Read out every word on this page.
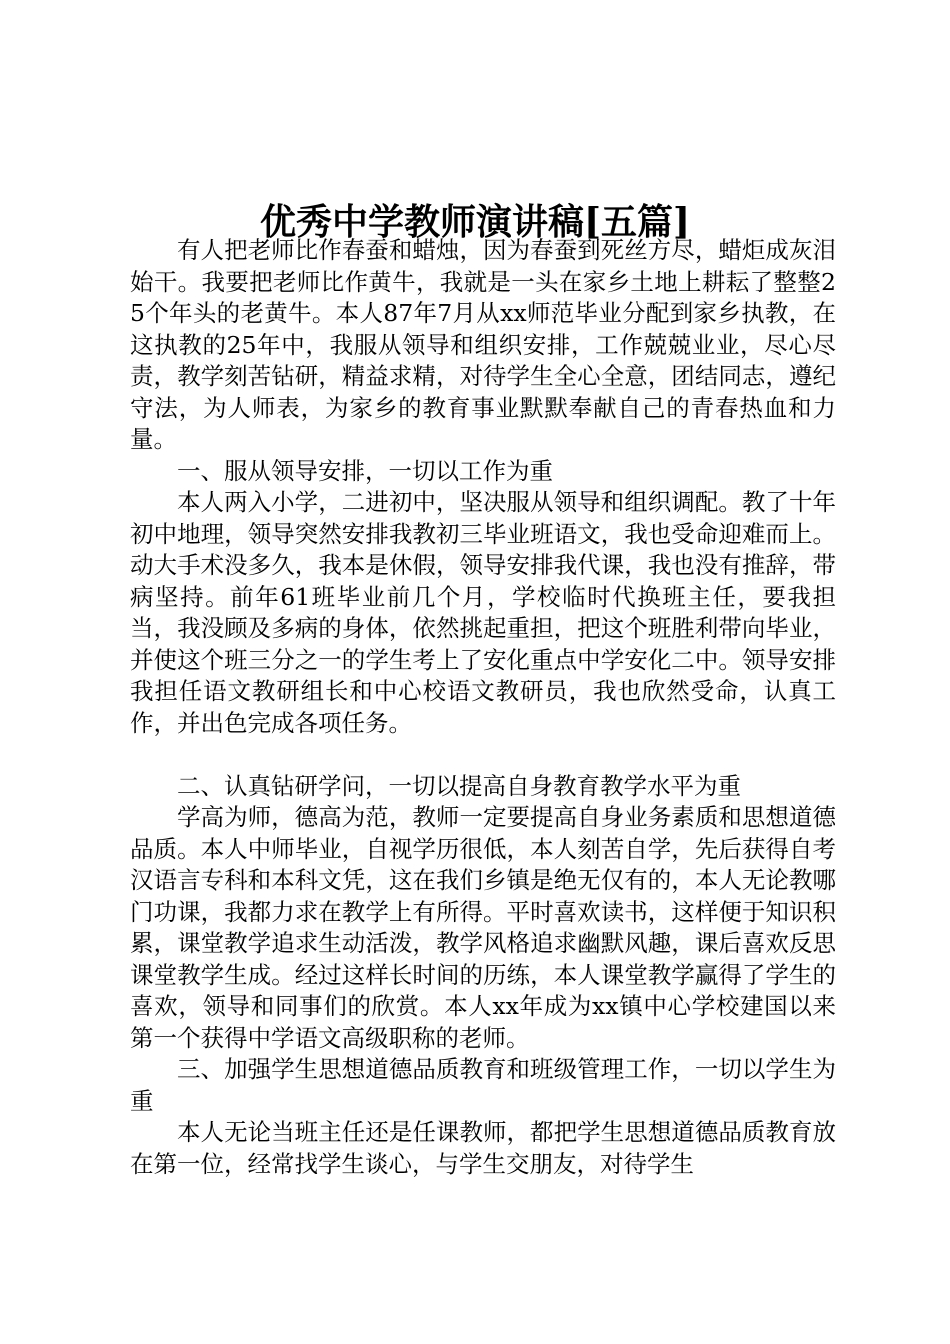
优秀中学教师演讲稿[五篇]

有人把老师比作春蚕和蜡烛，因为春蚕到死丝方尽，蜡炬成灰泪始干。我要把老师比作黄牛，我就是一头在家乡土地上耕耘了整整25个年头的老黄牛。本人87年7月从xx师范毕业分配到家乡执教，在这执教的25年中，我服从领导和组织安排，工作兢兢业业，尽心尽责，教学刻苦钻研，精益求精，对待学生全心全意，团结同志，遵纪守法，为人师表，为家乡的教育事业默默奉献自己的青春热血和力量。

一、服从领导安排，一切以工作为重

本人两入小学，二进初中，坚决服从领导和组织调配。教了十年初中地理，领导突然安排我教初三毕业班语文，我也受命迎难而上。动大手术没多久，我本是休假，领导安排我代课，我也没有推辞，带病坚持。前年61班毕业前几个月，学校临时代换班主任，要我担当，我没顾及多病的身体，依然挑起重担，把这个班胜利带向毕业，并使这个班三分之一的学生考上了安化重点中学安化二中。领导安排我担任语文教研组长和中心校语文教研员，我也欣然受命，认真工作，并出色完成各项任务。

二、认真钻研学问，一切以提高自身教育教学水平为重

学高为师，德高为范，教师一定要提高自身业务素质和思想道德品质。本人中师毕业，自视学历很低，本人刻苦自学，先后获得自考汉语言专科和本科文凭，这在我们乡镇是绝无仅有的，本人无论教哪门功课，我都力求在教学上有所得。平时喜欢读书，这样便于知识积累，课堂教学追求生动活泼，教学风格追求幽默风趣，课后喜欢反思课堂教学生成。经过这样长时间的历练，本人课堂教学赢得了学生的喜欢，领导和同事们的欣赏。本人xx年成为xx镇中心学校建国以来第一个获得中学语文高级职称的老师。

三、加强学生思想道德品质教育和班级管理工作，一切以学生为重

本人无论当班主任还是任课教师，都把学生思想道德品质教育放在第一位，经常找学生谈心，与学生交朋友，对待学生
